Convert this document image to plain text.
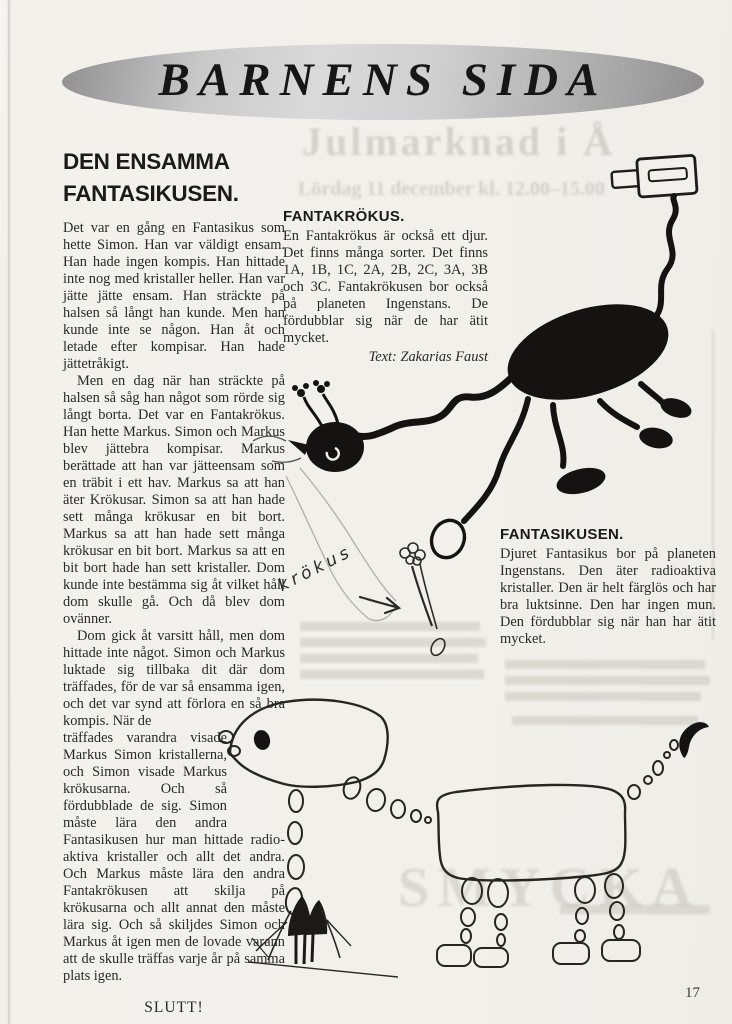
Julmarknad i Å
Lördag 11 december kl. 12.00–15.00
SMYCKA
BARNENS SIDA
DEN ENSAMMA FANTASIKUSEN.

Det var en gång en Fantasikus som hette Simon. Han var väldigt ensam. Han hade ingen kompis. Han hittade inte nog med kristaller heller. Han var jätte jätte ensam. Han sträckte på halsen så långt han kunde. Men han kunde inte se någon. Han åt och letade efter kompisar. Han hade jättetråkigt.

Men en dag när han sträckte på halsen så såg han något som rörde sig långt borta. Det var en Fantakrökus. Han hette Markus. Simon och Markus blev jättebra kompisar. Markus berättade att han var jätteensam som en träbit i ett hav. Markus sa att han äter Krökusar. Simon sa att han hade sett många krökusar en bit bort. Markus sa att han hade sett många krökusar en bit bort. Markus sa att en bit bort hade han sett kristaller. Dom kunde inte bestämma sig åt vilket håll dom skulle gå. Och då blev dom ovänner.

Dom gick åt varsitt håll, men dom hittade inte något. Simon och Markus luktade sig tillbaka dit där dom träffades, för de var så ensamma igen, och det var synd att förlora en så bra kompis. När de

träffades varandra visade Markus Simon kristallerna, och Simon visade Markus krökusarna. Och så fördubblade de sig. Simon måste lära den andra Fantasikusen hur man hittade radio-aktiva kristaller och allt det andra. Och Markus måste lära den andra Fantakrökusen att skilja på krökusarna och allt annat den måste lära sig. Och så skiljdes Simon och Markus åt igen men de lovade varann att de skulle träffas varje år på samma plats igen.

SLUTT!
FANTAKRÖKUS.

En Fantakrökus är också ett djur. Det finns många sorter. Det finns 1A, 1B, 1C, 2A, 2B, 2C, 3A, 3B och 3C. Fantakrökusen bor också på planeten Ingenstans. De fördubblar sig när de har ätit mycket.

Text: Zakarias Faust
FANTASIKUSEN.

Djuret Fantasikus bor på planeten Ingenstans. Den äter radioaktiva kristaller. Den är helt färglös och har bra luktsinne. Den har ingen mun. Den fördubblar sig när han har ätit mycket.

krökus
17
